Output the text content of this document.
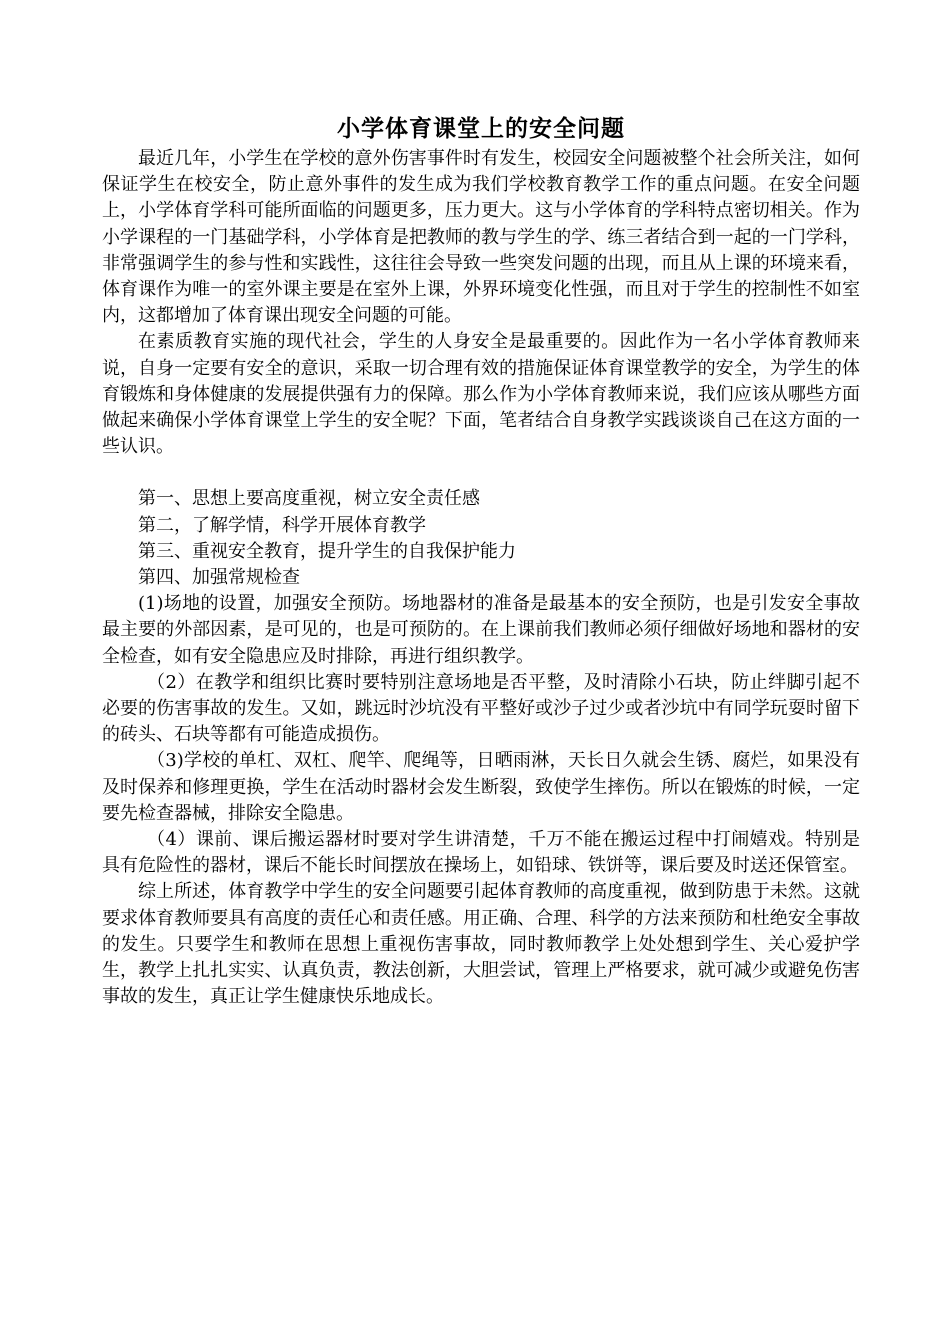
小学体育课堂上的安全问题

最近几年，小学生在学校的意外伤害事件时有发生，校园安全问题被整个社会所关注，如何保证学生在校安全，防止意外事件的发生成为我们学校教育教学工作的重点问题。在安全问题上，小学体育学科可能所面临的问题更多，压力更大。这与小学体育的学科特点密切相关。作为小学课程的一门基础学科，小学体育是把教师的教与学生的学、练三者结合到一起的一门学科，非常强调学生的参与性和实践性，这往往会导致一些突发问题的出现，而且从上课的环境来看，体育课作为唯一的室外课主要是在室外上课，外界环境变化性强，而且对于学生的控制性不如室内，这都增加了体育课出现安全问题的可能。

在素质教育实施的现代社会，学生的人身安全是最重要的。因此作为一名小学体育教师来说，自身一定要有安全的意识，采取一切合理有效的措施保证体育课堂教学的安全，为学生的体育锻炼和身体健康的发展提供强有力的保障。那么作为小学体育教师来说，我们应该从哪些方面做起来确保小学体育课堂上学生的安全呢？下面，笔者结合自身教学实践谈谈自己在这方面的一些认识。

第一、思想上要高度重视，树立安全责任感

第二，了解学情，科学开展体育教学

第三、重视安全教育，提升学生的自我保护能力

第四、加强常规检查

(1)场地的设置，加强安全预防。场地器材的准备是最基本的安全预防，也是引发安全事故最主要的外部因素，是可见的，也是可预防的。在上课前我们教师必须仔细做好场地和器材的安全检查，如有安全隐患应及时排除，再进行组织教学。

（2）在教学和组织比赛时要特别注意场地是否平整，及时清除小石块，防止绊脚引起不必要的伤害事故的发生。又如，跳远时沙坑没有平整好或沙子过少或者沙坑中有同学玩耍时留下的砖头、石块等都有可能造成损伤。

（3)学校的单杠、双杠、爬竿、爬绳等，日晒雨淋，天长日久就会生锈、腐烂，如果没有及时保养和修理更换，学生在活动时器材会发生断裂，致使学生摔伤。所以在锻炼的时候，一定要先检查器械，排除安全隐患。

（4）课前、课后搬运器材时要对学生讲清楚，千万不能在搬运过程中打闹嬉戏。特别是具有危险性的器材，课后不能长时间摆放在操场上，如铅球、铁饼等，课后要及时送还保管室。

综上所述，体育教学中学生的安全问题要引起体育教师的高度重视，做到防患于未然。这就要求体育教师要具有高度的责任心和责任感。用正确、合理、科学的方法来预防和杜绝安全事故的发生。只要学生和教师在思想上重视伤害事故，同时教师教学上处处想到学生、关心爱护学生，教学上扎扎实实、认真负责，教法创新，大胆尝试，管理上严格要求，就可减少或避免伤害事故的发生，真正让学生健康快乐地成长。
